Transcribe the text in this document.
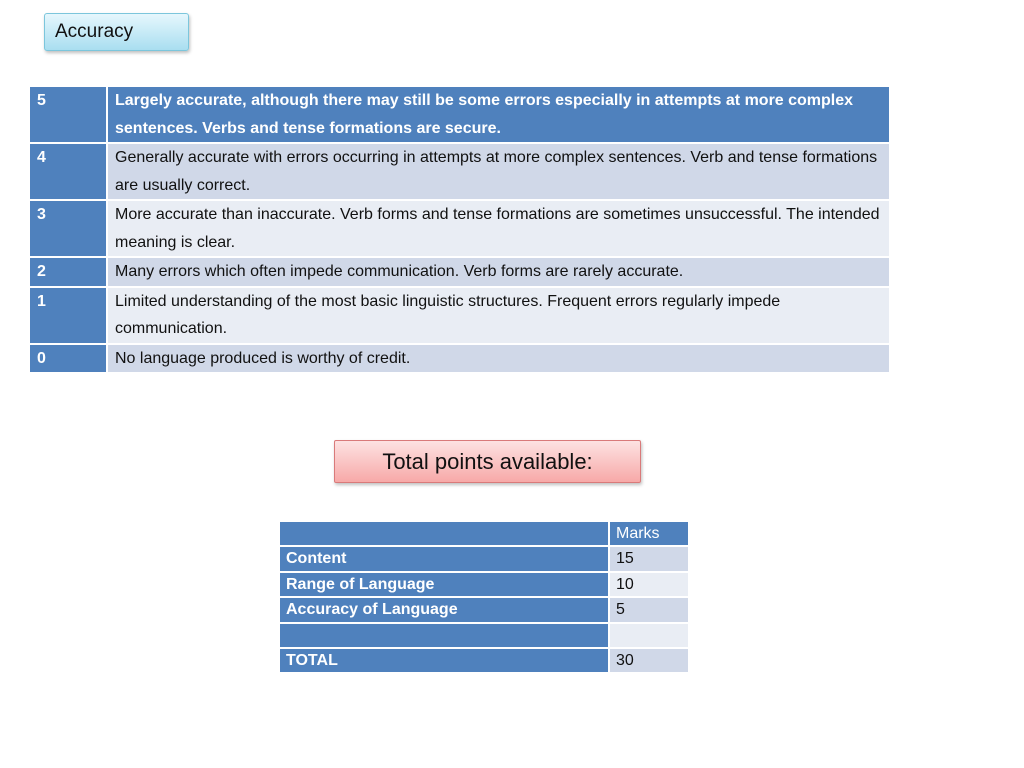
Accuracy
5	Largely accurate, although there may still be some errors especially in attempts at more complex sentences. Verbs and tense formations are secure.
4	Generally accurate with errors occurring in attempts at more complex sentences. Verb and tense formations are usually correct.
3	More accurate than inaccurate. Verb forms and tense formations are sometimes unsuccessful. The intended meaning is clear.
2	Many errors which often impede communication. Verb forms are rarely accurate.
1	Limited understanding of the most basic linguistic structures. Frequent errors regularly impede communication.
0	No language produced is worthy of credit.
Total points available:
	Marks
Content	15
Range of Language	10
Accuracy of Language	5

TOTAL	30
